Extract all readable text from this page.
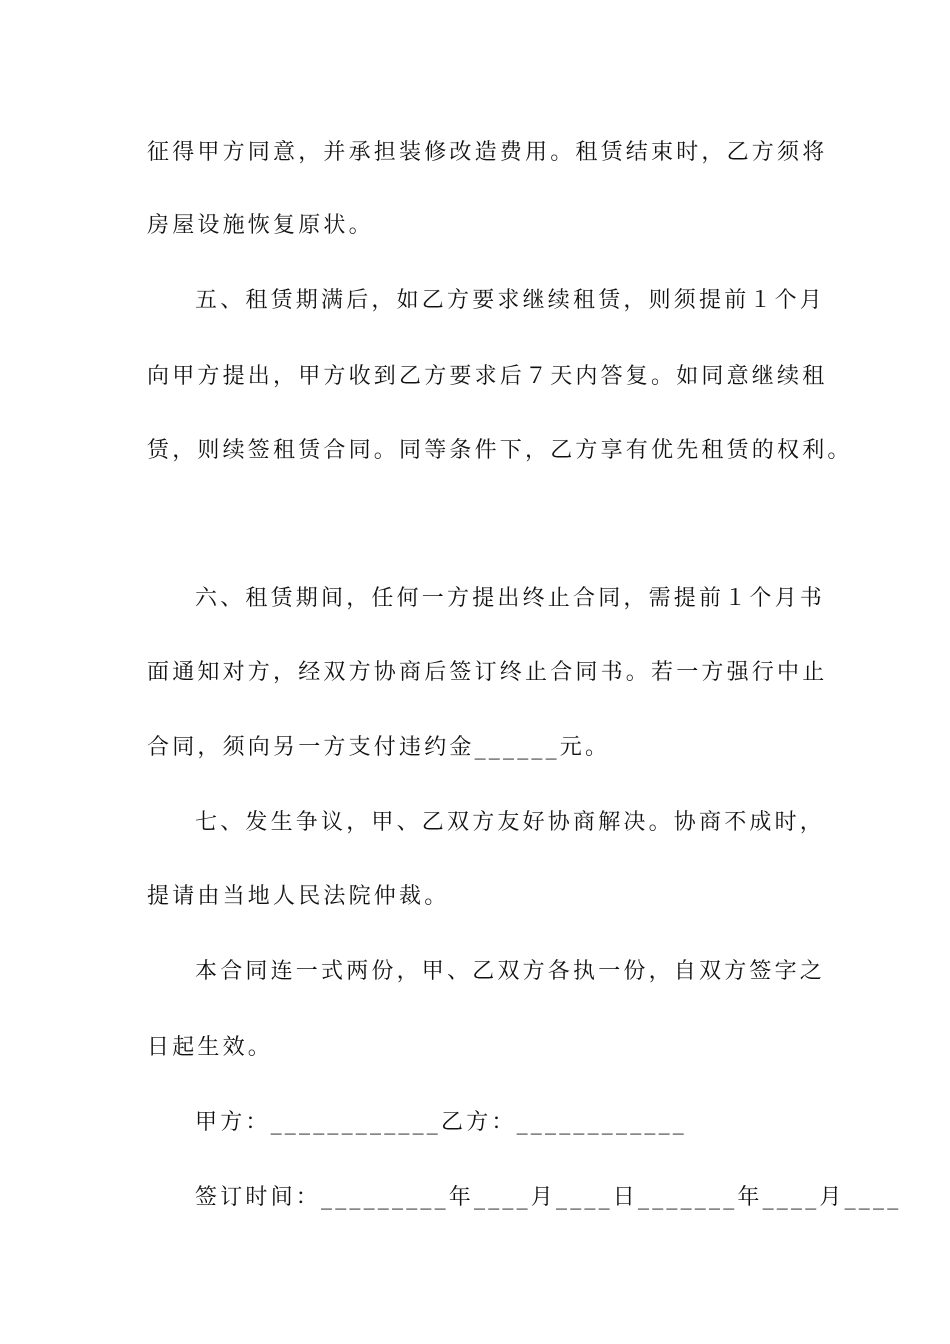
征得甲方同意，并承担装修改造费用。租赁结束时，乙方须将
房屋设施恢复原状。
五、租赁期满后，如乙方要求继续租赁，则须提前１个月
向甲方提出，甲方收到乙方要求后７天内答复。如同意继续租
赁，则续签租赁合同。同等条件下，乙方享有优先租赁的权利。
六、租赁期间，任何一方提出终止合同，需提前１个月书
面通知对方，经双方协商后签订终止合同书。若一方强行中止
合同，须向另一方支付违约金______元。
七、发生争议，甲、乙双方友好协商解决。协商不成时，
提请由当地人民法院仲裁。
本合同连一式两份，甲、乙双方各执一份，自双方签字之
日起生效。
甲方：____________乙方：____________
签订时间：_________年____月____日_______年____月____
